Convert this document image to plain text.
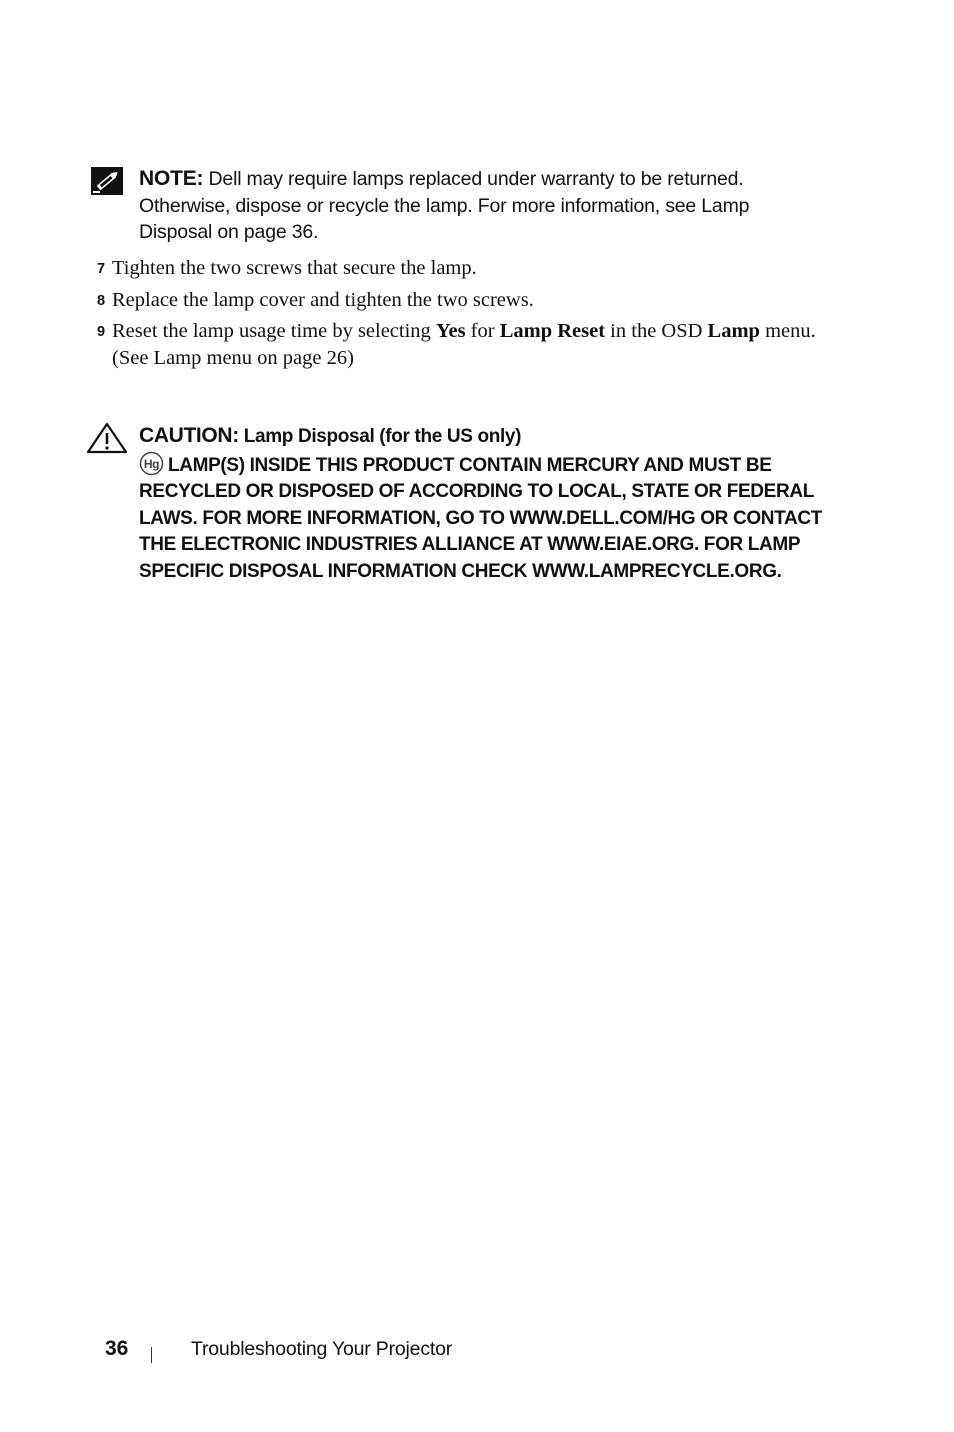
NOTE: Dell may require lamps replaced under warranty to be returned. Otherwise, dispose or recycle the lamp. For more information, see Lamp Disposal on page 36.
7 Tighten the two screws that secure the lamp.
8 Replace the lamp cover and tighten the two screws.
9 Reset the lamp usage time by selecting Yes for Lamp Reset in the OSD Lamp menu. (See Lamp menu on page 26)
CAUTION: Lamp Disposal (for the US only)

Hg LAMP(S) INSIDE THIS PRODUCT CONTAIN MERCURY AND MUST BE RECYCLED OR DISPOSED OF ACCORDING TO LOCAL, STATE OR FEDERAL LAWS. FOR MORE INFORMATION, GO TO WWW.DELL.COM/HG OR CONTACT THE ELECTRONIC INDUSTRIES ALLIANCE AT WWW.EIAE.ORG. FOR LAMP SPECIFIC DISPOSAL INFORMATION CHECK WWW.LAMPRECYCLE.ORG.
36	Troubleshooting Your Projector
